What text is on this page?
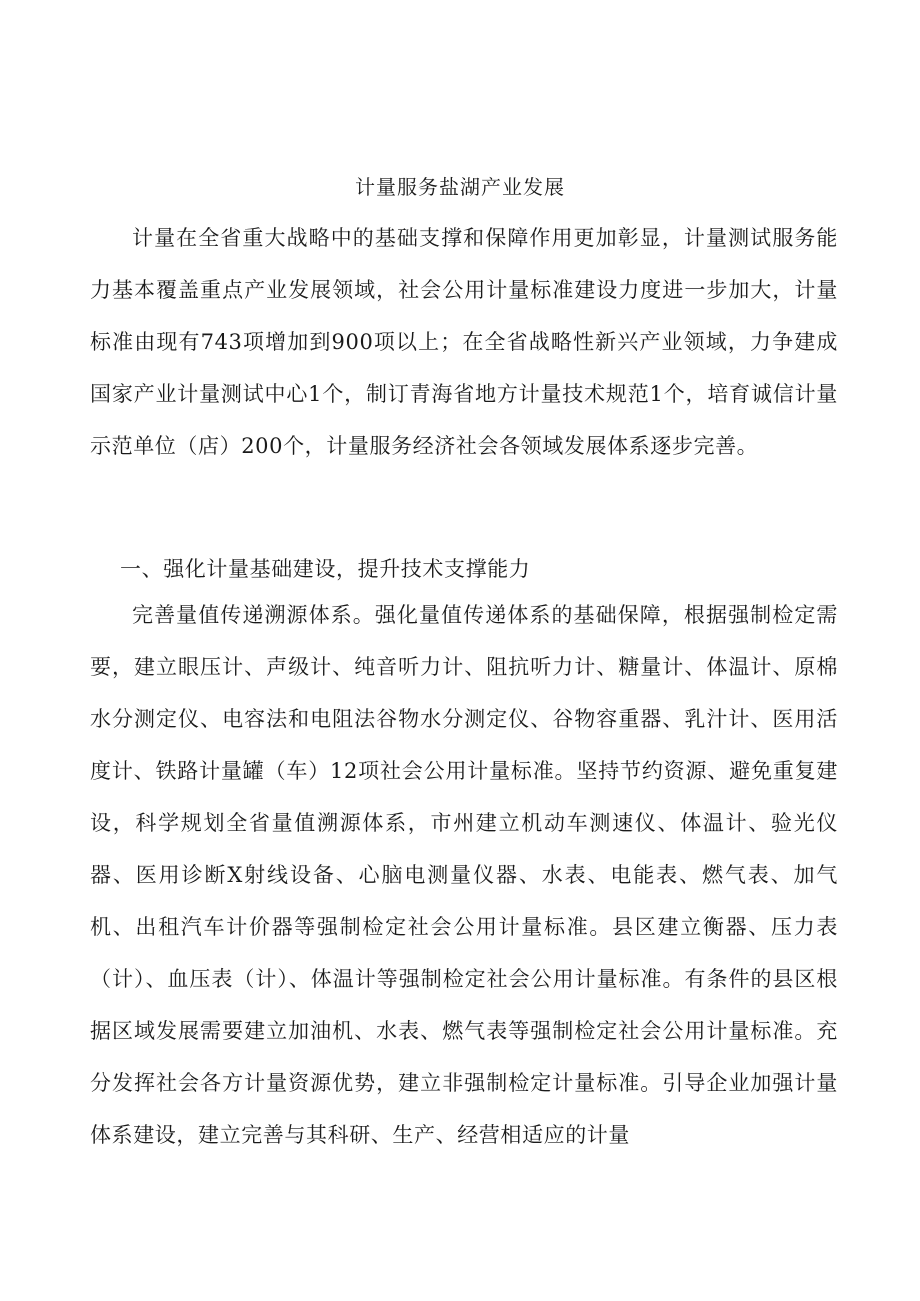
计量服务盐湖产业发展

计量在全省重大战略中的基础支撑和保障作用更加彰显，计量测试服务能力基本覆盖重点产业发展领域，社会公用计量标准建设力度进一步加大，计量标准由现有743项增加到900项以上；在全省战略性新兴产业领域，力争建成国家产业计量测试中心1个，制订青海省地方计量技术规范1个，培育诚信计量示范单位（店）200个，计量服务经济社会各领域发展体系逐步完善。

一、强化计量基础建设，提升技术支撑能力

完善量值传递溯源体系。强化量值传递体系的基础保障，根据强制检定需要，建立眼压计、声级计、纯音听力计、阻抗听力计、糖量计、体温计、原棉水分测定仪、电容法和电阻法谷物水分测定仪、谷物容重器、乳汁计、医用活度计、铁路计量罐（车）12项社会公用计量标准。坚持节约资源、避免重复建设，科学规划全省量值溯源体系，市州建立机动车测速仪、体温计、验光仪器、医用诊断X射线设备、心脑电测量仪器、水表、电能表、燃气表、加气机、出租汽车计价器等强制检定社会公用计量标准。县区建立衡器、压力表（计）、血压表（计）、体温计等强制检定社会公用计量标准。有条件的县区根据区域发展需要建立加油机、水表、燃气表等强制检定社会公用计量标准。充分发挥社会各方计量资源优势，建立非强制检定计量标准。引导企业加强计量体系建设，建立完善与其科研、生产、经营相适应的计量
